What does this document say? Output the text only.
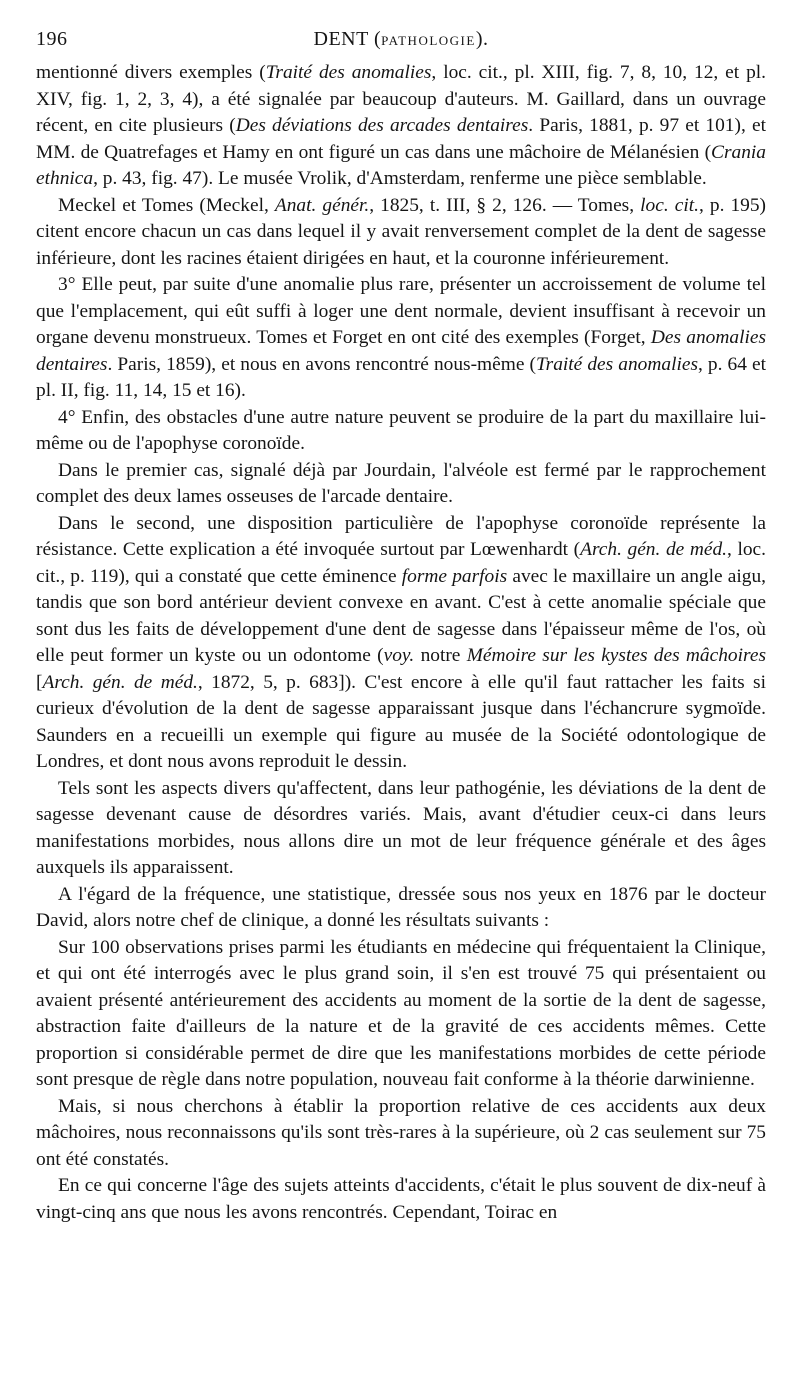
196	DENT (PATHOLOGIE).

mentionné divers exemples (Traité des anomalies, loc. cit., pl. XIII, fig. 7, 8, 10, 12, et pl. XIV, fig. 1, 2, 3, 4), a été signalée par beaucoup d'auteurs. M. Gaillard, dans un ouvrage récent, en cite plusieurs (Des déviations des arcades dentaires. Paris, 1881, p. 97 et 101), et MM. de Quatrefages et Hamy en ont figuré un cas dans une mâchoire de Mélanésien (Crania ethnica, p. 43, fig. 47). Le musée Vrolik, d'Amsterdam, renferme une pièce semblable.

Meckel et Tomes (Meckel, Anat. génér., 1825, t. III, § 2, 126. — Tomes, loc. cit., p. 195) citent encore chacun un cas dans lequel il y avait renversement complet de la dent de sagesse inférieure, dont les racines étaient dirigées en haut, et la couronne inférieurement.

3° Elle peut, par suite d'une anomalie plus rare, présenter un accroissement de volume tel que l'emplacement, qui eût suffi à loger une dent normale, devient insuffisant à recevoir un organe devenu monstrueux. Tomes et Forget en ont cité des exemples (Forget, Des anomalies dentaires. Paris, 1859), et nous en avons rencontré nous-même (Traité des anomalies, p. 64 et pl. II, fig. 11, 14, 15 et 16).

4° Enfin, des obstacles d'une autre nature peuvent se produire de la part du maxillaire lui-même ou de l'apophyse coronoïde.

Dans le premier cas, signalé déjà par Jourdain, l'alvéole est fermé par le rapprochement complet des deux lames osseuses de l'arcade dentaire.

Dans le second, une disposition particulière de l'apophyse coronoïde représente la résistance. Cette explication a été invoquée surtout par Lœwenhardt (Arch. gén. de méd., loc. cit., p. 119), qui a constaté que cette éminence forme parfois avec le maxillaire un angle aigu, tandis que son bord antérieur devient convexe en avant. C'est à cette anomalie spéciale que sont dus les faits de développement d'une dent de sagesse dans l'épaisseur même de l'os, où elle peut former un kyste ou un odontome (voy. notre Mémoire sur les kystes des mâchoires [Arch. gén. de méd., 1872, 5, p. 683]). C'est encore à elle qu'il faut rattacher les faits si curieux d'évolution de la dent de sagesse apparaissant jusque dans l'échancrure sygmoïde. Saunders en a recueilli un exemple qui figure au musée de la Société odontologique de Londres, et dont nous avons reproduit le dessin.

Tels sont les aspects divers qu'affectent, dans leur pathogénie, les déviations de la dent de sagesse devenant cause de désordres variés. Mais, avant d'étudier ceux-ci dans leurs manifestations morbides, nous allons dire un mot de leur fréquence générale et des âges auxquels ils apparaissent.

A l'égard de la fréquence, une statistique, dressée sous nos yeux en 1876 par le docteur David, alors notre chef de clinique, a donné les résultats suivants :

Sur 100 observations prises parmi les étudiants en médecine qui fréquentaient la Clinique, et qui ont été interrogés avec le plus grand soin, il s'en est trouvé 75 qui présentaient ou avaient présenté antérieurement des accidents au moment de la sortie de la dent de sagesse, abstraction faite d'ailleurs de la nature et de la gravité de ces accidents mêmes. Cette proportion si considérable permet de dire que les manifestations morbides de cette période sont presque de règle dans notre population, nouveau fait conforme à la théorie darwinienne.

Mais, si nous cherchons à établir la proportion relative de ces accidents aux deux mâchoires, nous reconnaissons qu'ils sont très-rares à la supérieure, où 2 cas seulement sur 75 ont été constatés.

En ce qui concerne l'âge des sujets atteints d'accidents, c'était le plus souvent de dix-neuf à vingt-cinq ans que nous les avons rencontrés. Cependant, Toirac en
